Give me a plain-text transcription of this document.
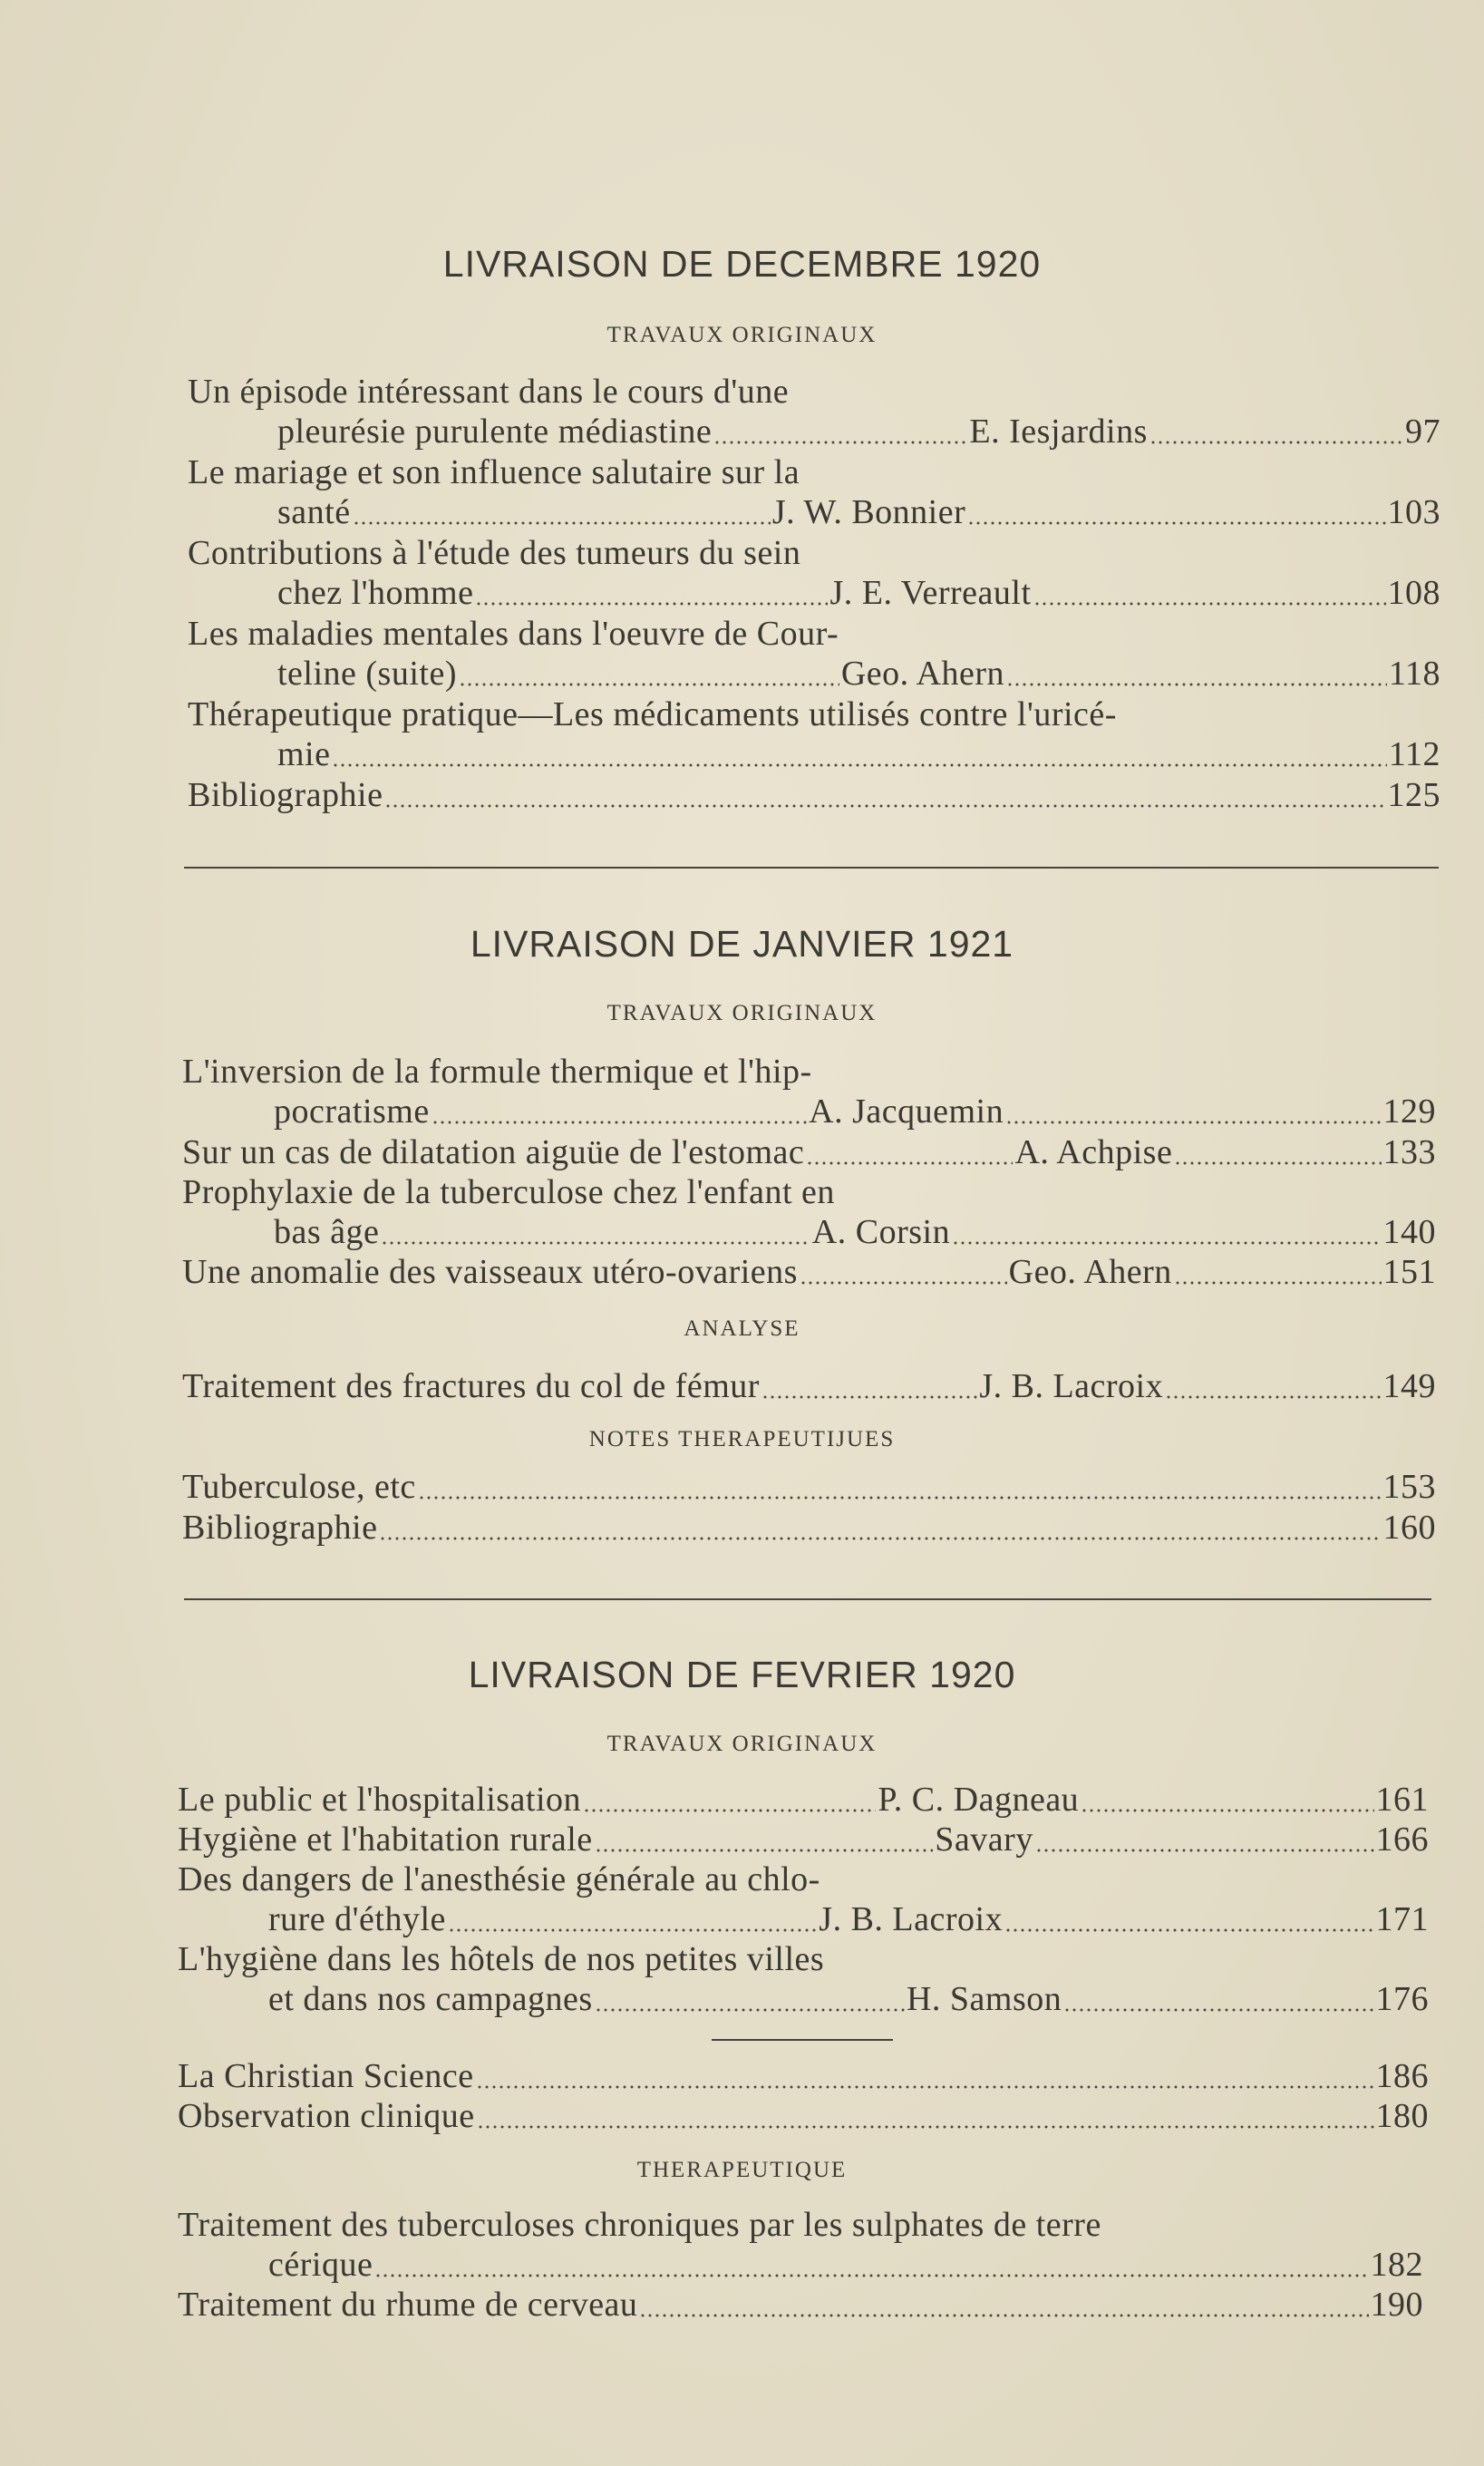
LIVRAISON DE DECEMBRE 1920
TRAVAUX ORIGINAUX
Un épisode intéressant dans le cours d'une
pleurésie purulente médiastine	E. Iesjardins	97
Le mariage et son influence salutaire sur la
santé	J. W. Bonnier	103
Contributions à l'étude des tumeurs du sein
chez l'homme	J. E. Verreault	108
Les maladies mentales dans l'oeuvre de Cour-
teline (suite)	Geo. Ahern	118
Thérapeutique pratique—Les médicaments utilisés contre l'uricé-
mie	112
Bibliographie	125
LIVRAISON DE JANVIER 1921
TRAVAUX ORIGINAUX
L'inversion de la formule thermique et l'hip-
pocratisme	A. Jacquemin	129
Sur un cas de dilatation aiguüe de l'estomac	A. Achpise	133
Prophylaxie de la tuberculose chez l'enfant en
bas âge	A. Corsin	140
Une anomalie des vaisseaux utéro-ovariens	Geo. Ahern	151
ANALYSE
Traitement des fractures du col de fémur	J. B. Lacroix	149
NOTES THERAPEUTIJUES
Tuberculose, etc	153
Bibliographie	160
LIVRAISON DE FEVRIER 1920
TRAVAUX ORIGINAUX
Le public et l'hospitalisation	P. C. Dagneau	161
Hygiène et l'habitation rurale	Savary	166
Des dangers de l'anesthésie générale au chlo-
rure d'éthyle	J. B. Lacroix	171
L'hygiène dans les hôtels de nos petites villes
et dans nos campagnes	H. Samson	176
La Christian Science	186
Observation clinique	180
THERAPEUTIQUE
Traitement des tuberculoses chroniques par les sulphates de terre
cérique	182
Traitement du rhume de cerveau	190
